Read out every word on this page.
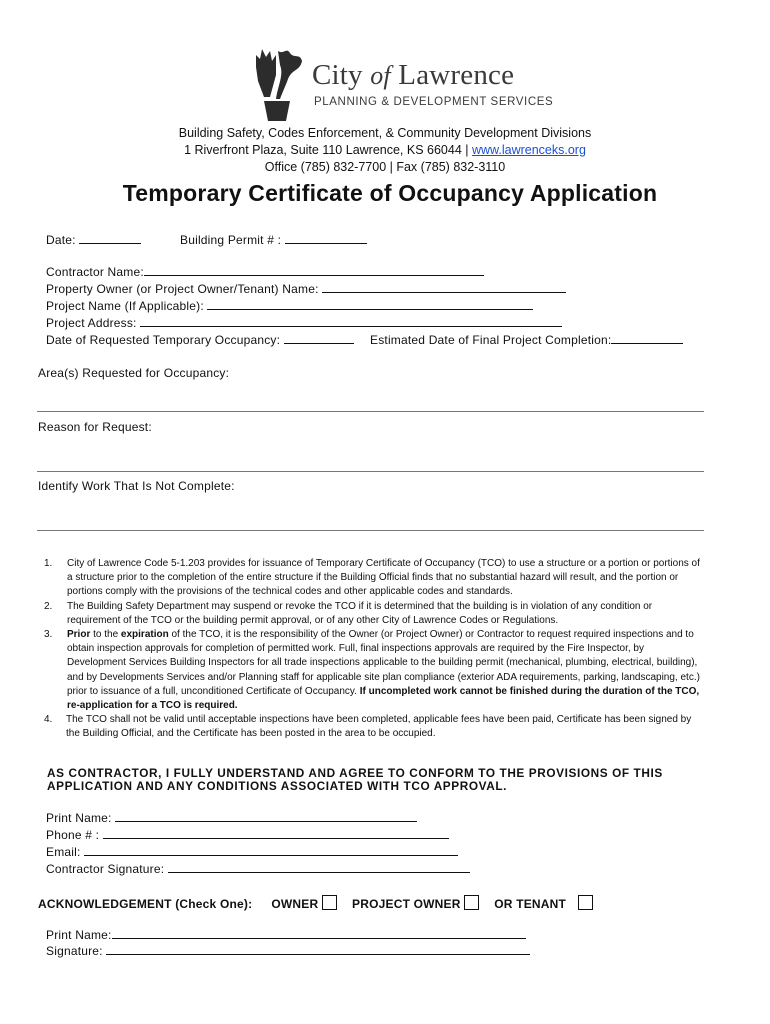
City of Lawrence
PLANNING & DEVELOPMENT SERVICES
Building Safety, Codes Enforcement, & Community Development Divisions
1 Riverfront Plaza, Suite 110 Lawrence, KS 66044 | www.lawrenceks.org
Office (785) 832-7700 | Fax (785) 832-3110
Temporary Certificate of Occupancy Application
Date:	Building Permit # :
Contractor Name:
Property Owner (or Project Owner/Tenant) Name:
Project Name (If Applicable):
Project Address:
Date of Requested Temporary Occupancy:	Estimated Date of Final Project Completion:
Area(s) Requested for Occupancy:
Reason for Request:
Identify Work That Is Not Complete:
1. City of Lawrence Code 5-1.203 provides for issuance of Temporary Certificate of Occupancy (TCO) to use a structure or a portion or portions of a structure prior to the completion of the entire structure if the Building Official finds that no substantial hazard will result, and the portion or portions comply with the provisions of the technical codes and other applicable codes and standards.
2. The Building Safety Department may suspend or revoke the TCO if it is determined that the building is in violation of any condition or requirement of the TCO or the building permit approval, or of any other City of Lawrence Codes or Regulations.
3. Prior to the expiration of the TCO, it is the responsibility of the Owner (or Project Owner) or Contractor to request required inspections and to obtain inspection approvals for completion of permitted work. Full, final inspections approvals are required by the Fire Inspector, by Development Services Building Inspectors for all trade inspections applicable to the building permit (mechanical, plumbing, electrical, building), and by Developments Services and/or Planning staff for applicable site plan compliance (exterior ADA requirements, parking, landscaping, etc.) prior to issuance of a full, unconditioned Certificate of Occupancy. If uncompleted work cannot be finished during the duration of the TCO, re-application for a TCO is required.
4. The TCO shall not be valid until acceptable inspections have been completed, applicable fees have been paid, Certificate has been signed by the Building Official, and the Certificate has been posted in the area to be occupied.
AS CONTRACTOR, I FULLY UNDERSTAND AND AGREE TO CONFORM TO THE PROVISIONS OF THIS
APPLICATION AND ANY CONDITIONS ASSOCIATED WITH TCO APPROVAL.
Print Name:
Phone # :
Email:
Contractor Signature:
ACKNOWLEDGEMENT (Check One): OWNER	PROJECT OWNER	OR TENANT
Print Name:
Signature:
